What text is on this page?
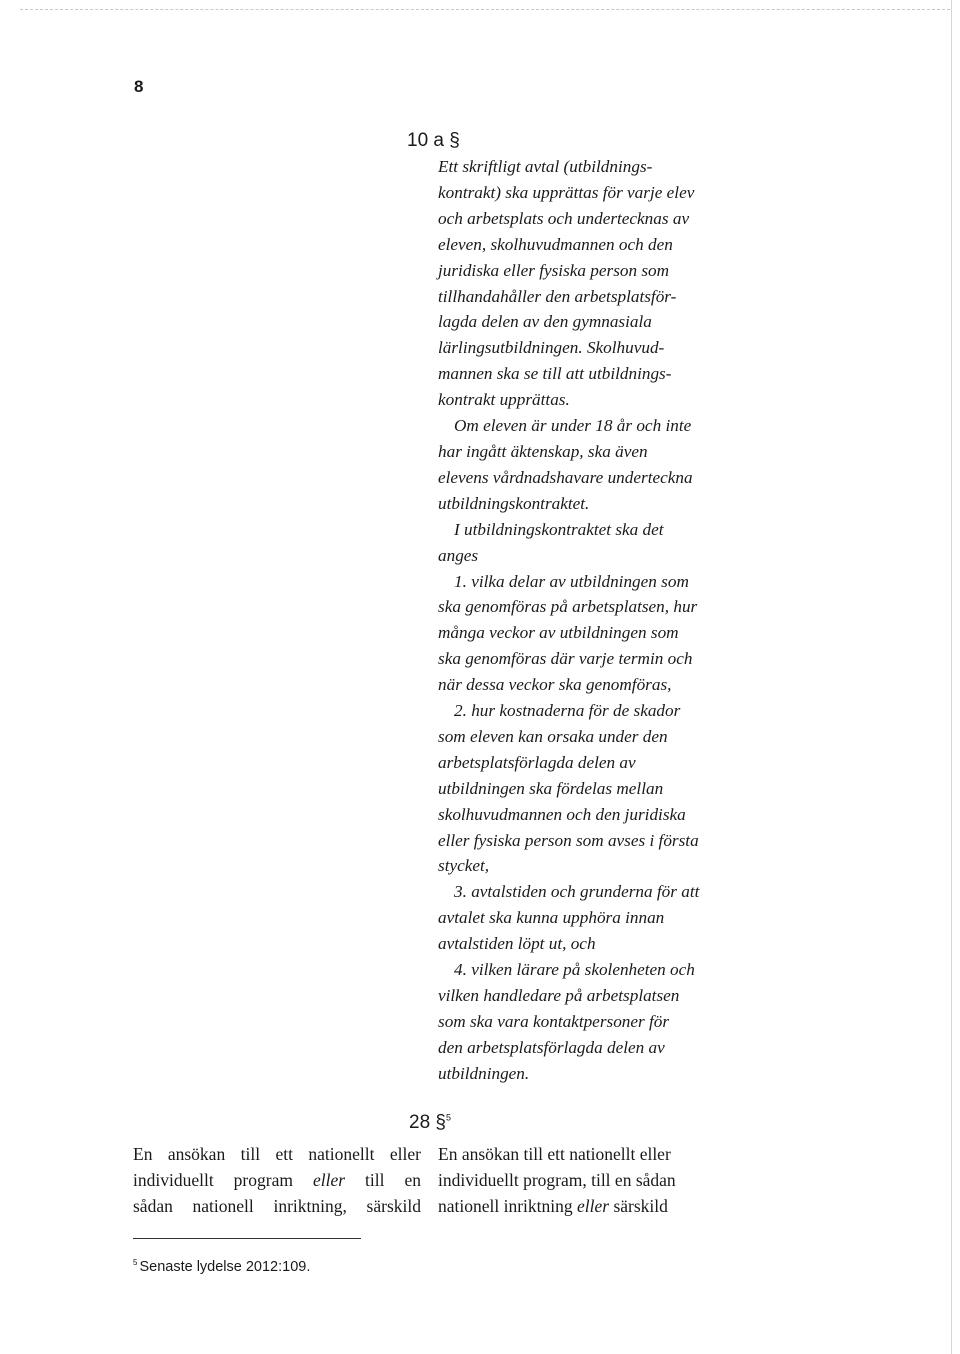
8
10 a §
Ett skriftligt avtal (utbildnings-
kontrakt) ska upprättas för varje elev
och arbetsplats och undertecknas av
eleven, skolhuvudmannen och den
juridiska eller fysiska person som
tillhandahåller den arbetsplatsför-
lagda delen av den gymnasiala
lärlingsutbildningen. Skolhuvud-
mannen ska se till att utbildnings-
kontrakt upprättas.
Om eleven är under 18 år och inte
har ingått äktenskap, ska även
elevens vårdnadshavare underteckna
utbildningskontraktet.
I utbildningskontraktet ska det
anges
1. vilka delar av utbildningen som
ska genomföras på arbetsplatsen, hur
många veckor av utbildningen som
ska genomföras där varje termin och
när dessa veckor ska genomföras,
2. hur kostnaderna för de skador
som eleven kan orsaka under den
arbetsplatsförlagda delen av
utbildningen ska fördelas mellan
skolhuvudmannen och den juridiska
eller fysiska person som avses i första
stycket,
3. avtalstiden och grunderna för att
avtalet ska kunna upphöra innan
avtalstiden löpt ut, och
4. vilken lärare på skolenheten och
vilken handledare på arbetsplatsen
som ska vara kontaktpersoner för
den arbetsplatsförlagda delen av
utbildningen.
28 §$^5$
En ansökan till ett nationellt eller
individuellt program eller till en
sådan nationell inriktning, särskild
En ansökan till ett nationellt eller
individuellt program, till en sådan
nationell inriktning eller särskild
$^5$ Senaste lydelse 2012:109.
